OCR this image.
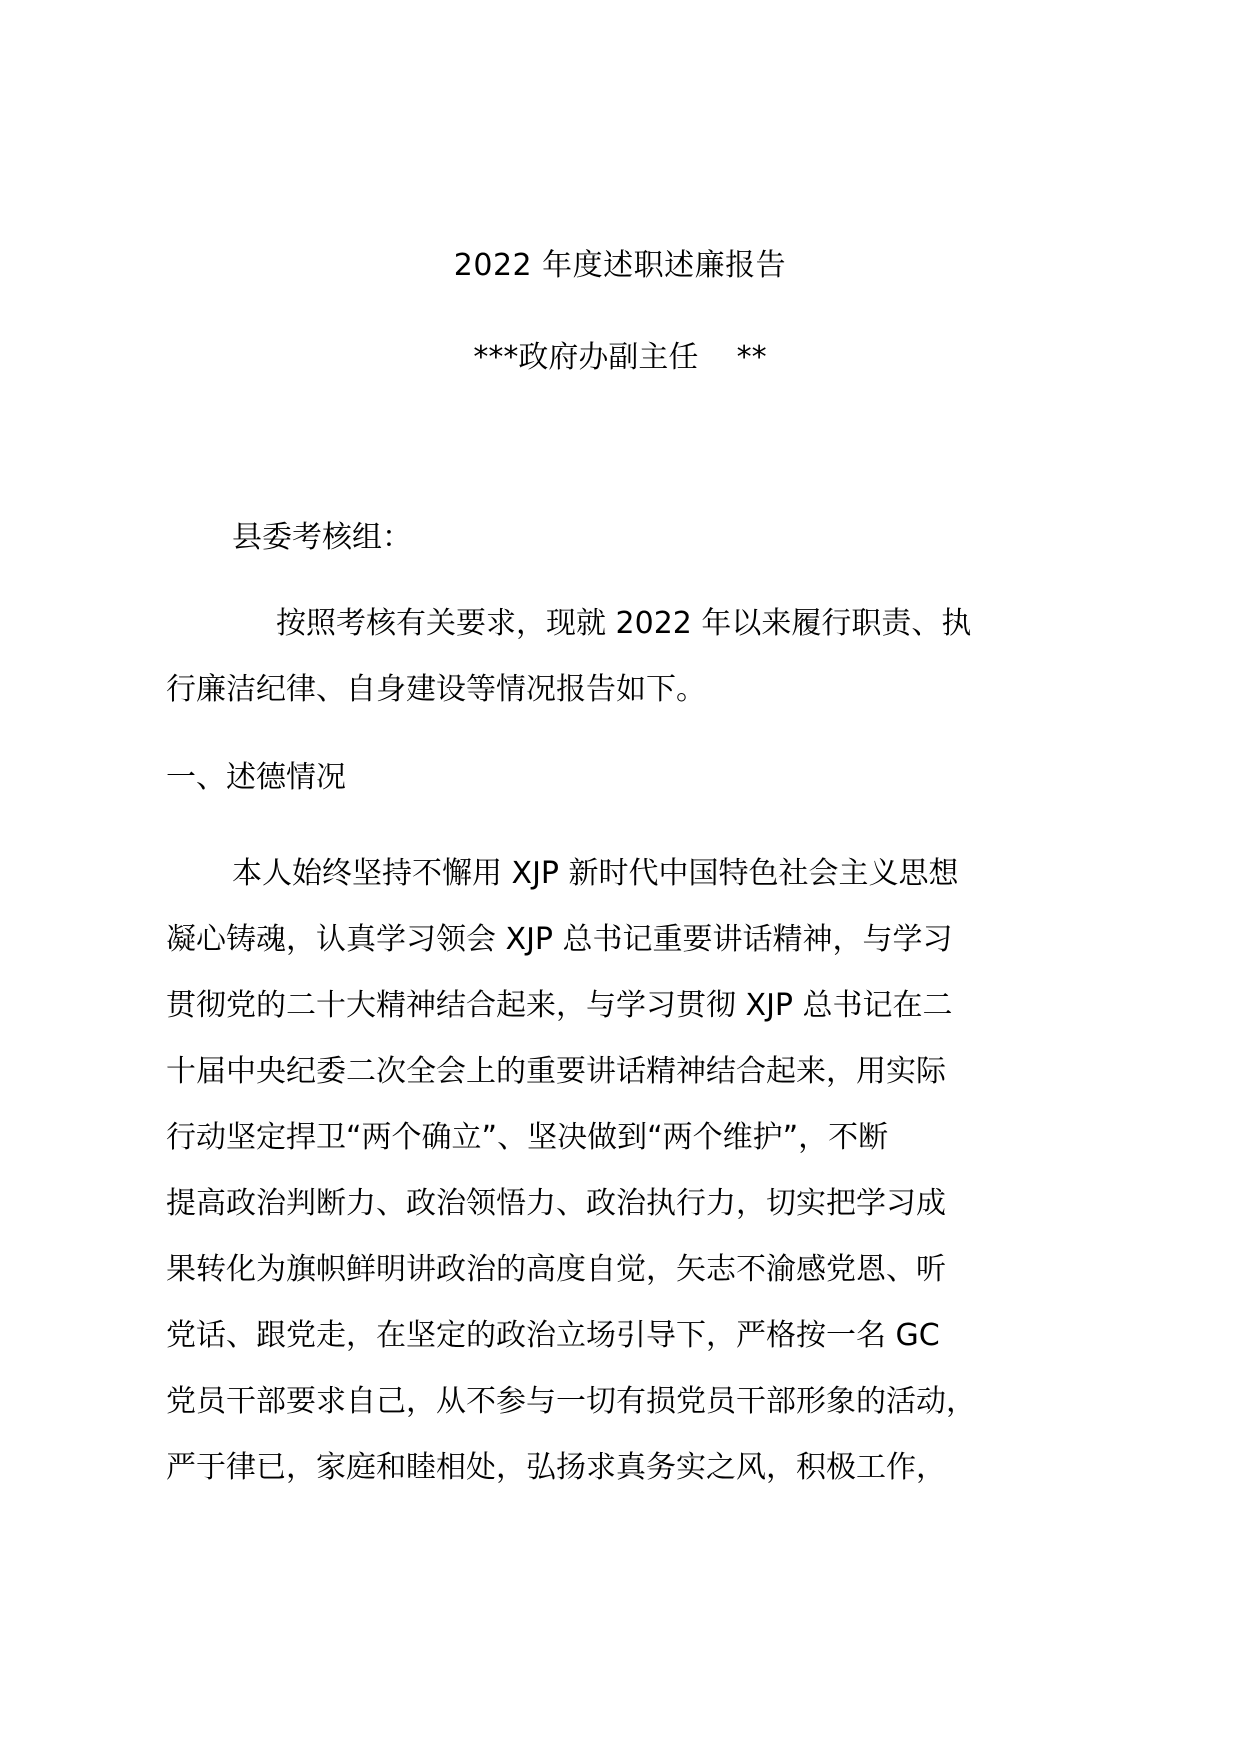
2022 年度述职述廉报告
***政府办副主任    **
县委考核组：
按照考核有关要求，现就 2022 年以来履行职责、执
行廉洁纪律、自身建设等情况报告如下。
一、述德情况
本人始终坚持不懈用 XJP 新时代中国特色社会主义思想
凝心铸魂，认真学习领会 XJP 总书记重要讲话精神，与学习
贯彻党的二十大精神结合起来，与学习贯彻 XJP 总书记在二
十届中央纪委二次全会上的重要讲话精神结合起来，用实际
行动坚定捍卫“两个确立”、坚决做到“两个维护”，不断
提高政治判断力、政治领悟力、政治执行力，切实把学习成
果转化为旗帜鲜明讲政治的高度自觉，矢志不渝感党恩、听
党话、跟党走，在坚定的政治立场引导下，严格按一名 GC
党员干部要求自己，从不参与一切有损党员干部形象的活动，
严于律已，家庭和睦相处，弘扬求真务实之风，积极工作，
